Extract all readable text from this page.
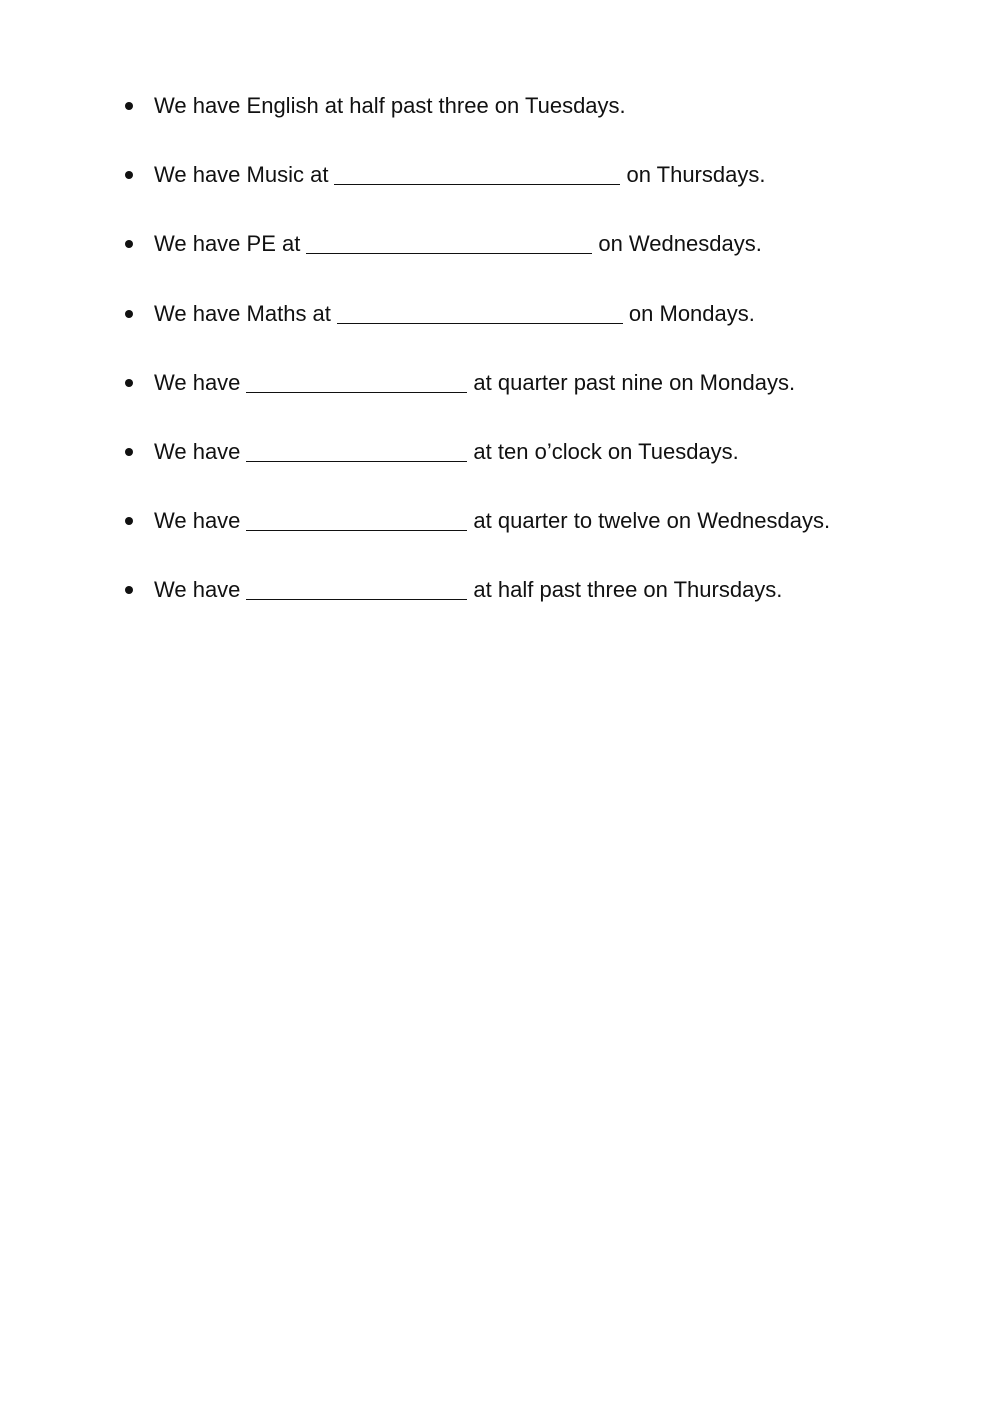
We have English at half past three on Tuesdays.
We have Music at	on Thursdays.
We have PE at	on Wednesdays.
We have Maths at	on Mondays.
We have	at quarter past nine on Mondays.
We have	at ten o’clock on Tuesdays.
We have	at quarter to twelve on Wednesdays.
We have	at half past three on Thursdays.
